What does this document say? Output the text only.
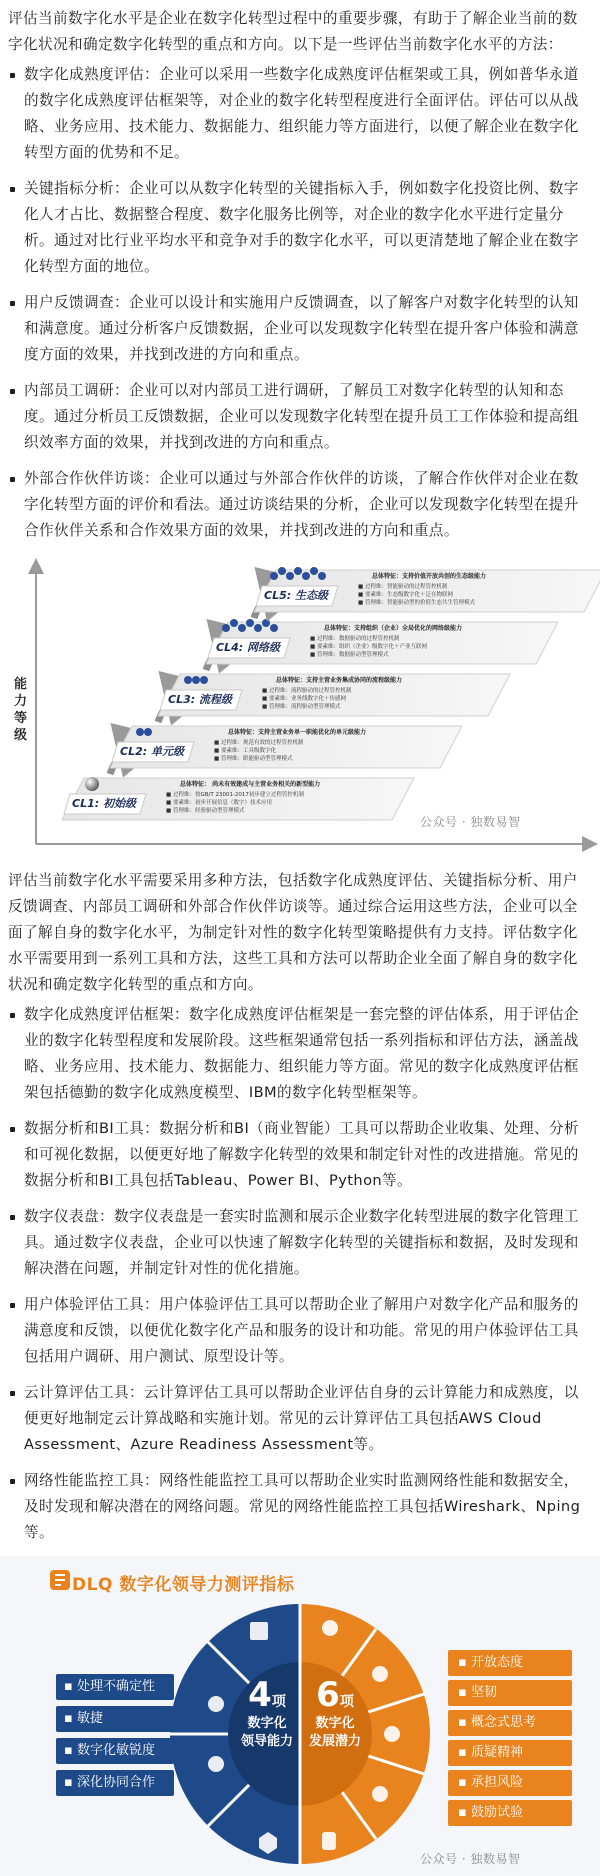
评估当前数字化水平是企业在数字化转型过程中的重要步骤，有助于了解企业当前的数字化状况和确定数字化转型的重点和方向。以下是一些评估当前数字化水平的方法：

数字化成熟度评估：企业可以采用一些数字化成熟度评估框架或工具，例如普华永道的数字化成熟度评估框架等，对企业的数字化转型程度进行全面评估。评估可以从战略、业务应用、技术能力、数据能力、组织能力等方面进行，以便了解企业在数字化转型方面的优势和不足。
关键指标分析：企业可以从数字化转型的关键指标入手，例如数字化投资比例、数字化人才占比、数据整合程度、数字化服务比例等，对企业的数字化水平进行定量分析。通过对比行业平均水平和竞争对手的数字化水平，可以更清楚地了解企业在数字化转型方面的地位。
用户反馈调查：企业可以设计和实施用户反馈调查，以了解客户对数字化转型的认知和满意度。通过分析客户反馈数据，企业可以发现数字化转型在提升客户体验和满意度方面的效果，并找到改进的方向和重点。
内部员工调研：企业可以对内部员工进行调研，了解员工对数字化转型的认知和态度。通过分析员工反馈数据，企业可以发现数字化转型在提升员工工作体验和提高组织效率方面的效果，并找到改进的方向和重点。
外部合作伙伴访谈：企业可以通过与外部合作伙伴的访谈，了解合作伙伴对企业在数字化转型方面的评价和看法。通过访谈结果的分析，企业可以发现数字化转型在提升合作伙伴关系和合作效果方面的效果，并找到改进的方向和重点。
能力等级
公众号 · 独数易智
CL1: 初始级
总体特征： 尚未有效建成与主营业务相关的新型能力
■ 过程维：按GB/T 23001-2017初步建立过程管控机制
■ 要素维：初步开展信息（数字）技术应用
■ 管理维：经验驱动型管理模式
CL2: 单元级
总体特征：支持主营业务单一职能优化的单元级能力
■ 过程维：规范有效的过程管控机制
■ 要素维：工具级数字化
■ 管理维：职能驱动型管理模式
CL3: 流程级
总体特征：支持主营业务集成协同的流程级能力
■ 过程维：流程驱动的过程管控机制
■ 要素维：业务线数字化＋传感网
■ 管理维：流程驱动型管理模式
CL4: 网络级
总体特征：支持组织（企业）全局优化的网络级能力
■ 过程维：数据驱动的过程管控机制
■ 要素维：组织（企业）级数字化＋产业互联网
■ 管理维：数据驱动型管理模式
CL5: 生态级
总体特征：支持价值开放共创的生态级能力
■ 过程维：智能驱动的过程管控机制
■ 要素维：生态级数字化＋泛在物联网
■ 管理维：智能驱动型的价值生态共生管理模式

评估当前数字化水平需要采用多种方法，包括数字化成熟度评估、关键指标分析、用户反馈调查、内部员工调研和外部合作伙伴访谈等。通过综合运用这些方法，企业可以全面了解自身的数字化水平，为制定针对性的数字化转型策略提供有力支持。评估数字化水平需要用到一系列工具和方法，这些工具和方法可以帮助企业全面了解自身的数字化状况和确定数字化转型的重点和方向。

数字化成熟度评估框架：数字化成熟度评估框架是一套完整的评估体系，用于评估企业的数字化转型程度和发展阶段。这些框架通常包括一系列指标和评估方法，涵盖战略、业务应用、技术能力、数据能力、组织能力等方面。常见的数字化成熟度评估框架包括德勤的数字化成熟度模型、IBM的数字化转型框架等。
数据分析和BI工具：数据分析和BI（商业智能）工具可以帮助企业收集、处理、分析和可视化数据，以便更好地了解数字化转型的效果和制定针对性的改进措施。常见的数据分析和BI工具包括Tableau、Power BI、Python等。
数字仪表盘：数字仪表盘是一套实时监测和展示企业数字化转型进展的数字化管理工具。通过数字仪表盘，企业可以快速了解数字化转型的关键指标和数据，及时发现和解决潜在问题，并制定针对性的优化措施。
用户体验评估工具：用户体验评估工具可以帮助企业了解用户对数字化产品和服务的满意度和反馈，以便优化数字化产品和服务的设计和功能。常见的用户体验评估工具包括用户调研、用户测试、原型设计等。
云计算评估工具：云计算评估工具可以帮助企业评估自身的云计算能力和成熟度，以便更好地制定云计算战略和实施计划。常见的云计算评估工具包括AWS Cloud Assessment、Azure Readiness Assessment等。
网络性能监控工具：网络性能监控工具可以帮助企业实时监测网络性能和数据安全，及时发现和解决潜在的网络问题。常见的网络性能监控工具包括Wireshark、Nping等。
DLQ 数字化领导力测评指标
4项
数字化
领导能力
6项
数字化
发展潜力
▪ 处理不确定性
▪ 敏捷
▪ 数字化敏锐度
▪ 深化协同合作
▪ 开放态度
▪ 坚韧
▪ 概念式思考
▪ 质疑精神
▪ 承担风险
▪ 鼓励试验
公众号 · 独数易智
